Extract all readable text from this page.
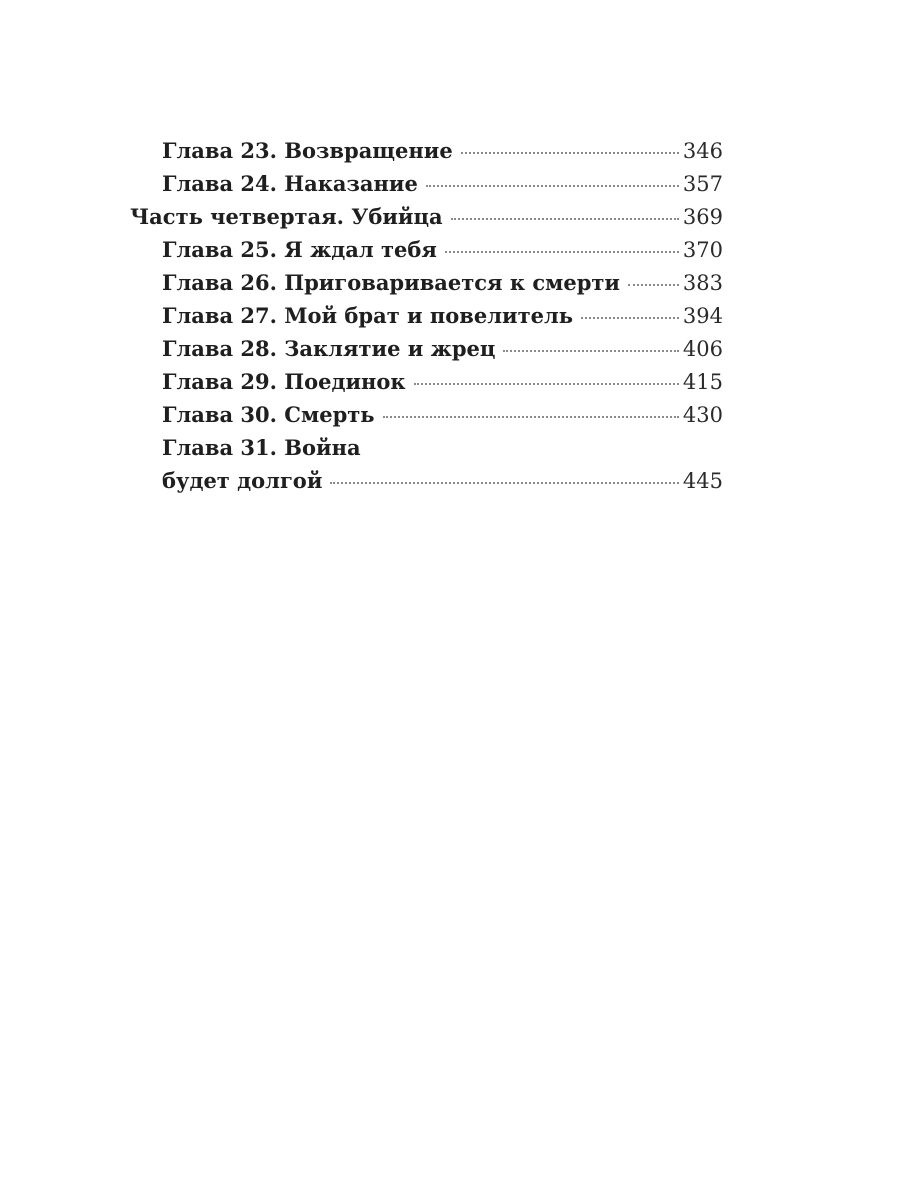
Глава 23. Возвращение	346
Глава 24. Наказание	357
Часть четвертая. Убийца	369
Глава 25. Я ждал тебя	370
Глава 26. Приговаривается к смерти	383
Глава 27. Мой брат и повелитель	394
Глава 28. Заклятие и жрец	406
Глава 29. Поединок	415
Глава 30. Смерть	430
Глава 31. Война
будет долгой	445
